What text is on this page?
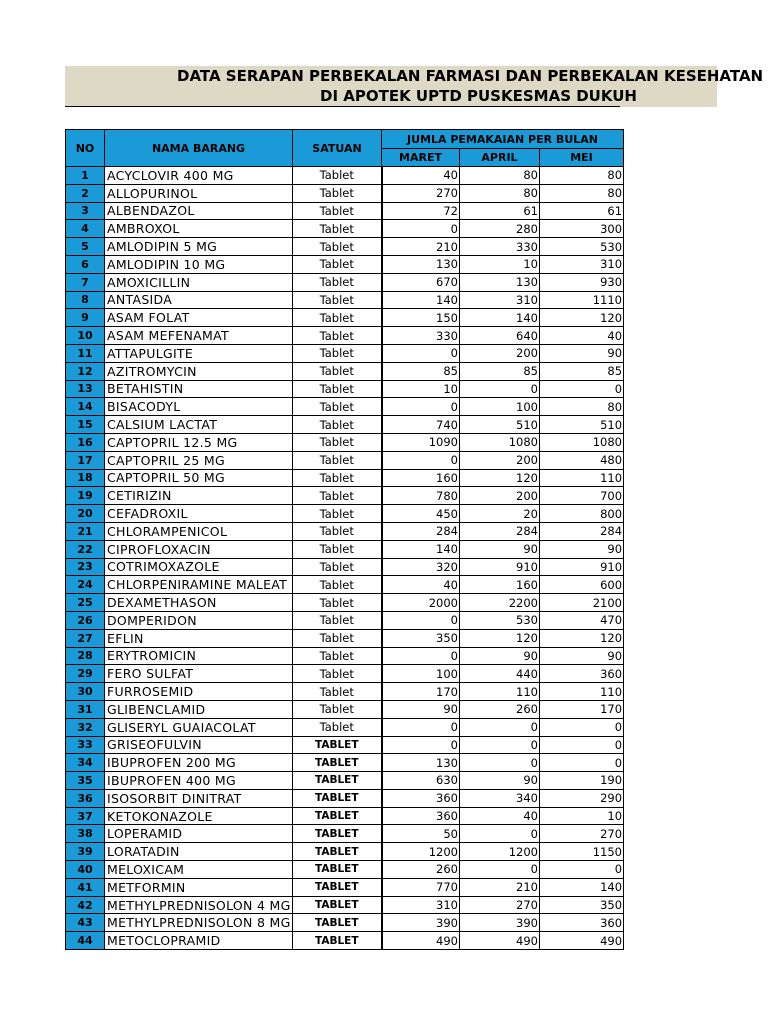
DATA SERAPAN PERBEKALAN FARMASI DAN PERBEKALAN KESEHATAN
DI APOTEK UPTD PUSKESMAS DUKUH
NO	NAMA BARANG	SATUAN	JUMLA PEMAKAIAN PER BULAN		
			MARET	APRIL	MEI
1	ACYCLOVIR 400 MG	Tablet	40	80	80
2	ALLOPURINOL	Tablet	270	80	80
3	ALBENDAZOL	Tablet	72	61	61
4	AMBROXOL	Tablet	0	280	300
5	AMLODIPIN 5 MG	Tablet	210	330	530
6	AMLODIPIN 10 MG	Tablet	130	10	310
7	AMOXICILLIN	Tablet	670	130	930
8	ANTASIDA	Tablet	140	310	1110
9	ASAM FOLAT	Tablet	150	140	120
10	ASAM MEFENAMAT	Tablet	330	640	40
11	ATTAPULGITE	Tablet	0	200	90
12	AZITROMYCIN	Tablet	85	85	85
13	BETAHISTIN	Tablet	10	0	0
14	BISACODYL	Tablet	0	100	80
15	CALSIUM LACTAT	Tablet	740	510	510
16	CAPTOPRIL 12.5 MG	Tablet	1090	1080	1080
17	CAPTOPRIL 25 MG	Tablet	0	200	480
18	CAPTOPRIL 50 MG	Tablet	160	120	110
19	CETIRIZIN	Tablet	780	200	700
20	CEFADROXIL	Tablet	450	20	800
21	CHLORAMPENICOL	Tablet	284	284	284
22	CIPROFLOXACIN	Tablet	140	90	90
23	COTRIMOXAZOLE	Tablet	320	910	910
24	CHLORPENIRAMINE MALEAT	Tablet	40	160	600
25	DEXAMETHASON	Tablet	2000	2200	2100
26	DOMPERIDON	Tablet	0	530	470
27	EFLIN	Tablet	350	120	120
28	ERYTROMICIN	Tablet	0	90	90
29	FERO SULFAT	Tablet	100	440	360
30	FURROSEMID	Tablet	170	110	110
31	GLIBENCLAMID	Tablet	90	260	170
32	GLISERYL GUAIACOLAT	Tablet	0	0	0
33	GRISEOFULVIN	TABLET	0	0	0
34	IBUPROFEN 200 MG	TABLET	130	0	0
35	IBUPROFEN 400 MG	TABLET	630	90	190
36	ISOSORBIT DINITRAT	TABLET	360	340	290
37	KETOKONAZOLE	TABLET	360	40	10
38	LOPERAMID	TABLET	50	0	270
39	LORATADIN	TABLET	1200	1200	1150
40	MELOXICAM	TABLET	260	0	0
41	METFORMIN	TABLET	770	210	140
42	METHYLPREDNISOLON 4 MG	TABLET	310	270	350
43	METHYLPREDNISOLON 8 MG	TABLET	390	390	360
44	METOCLOPRAMID	TABLET	490	490	490
